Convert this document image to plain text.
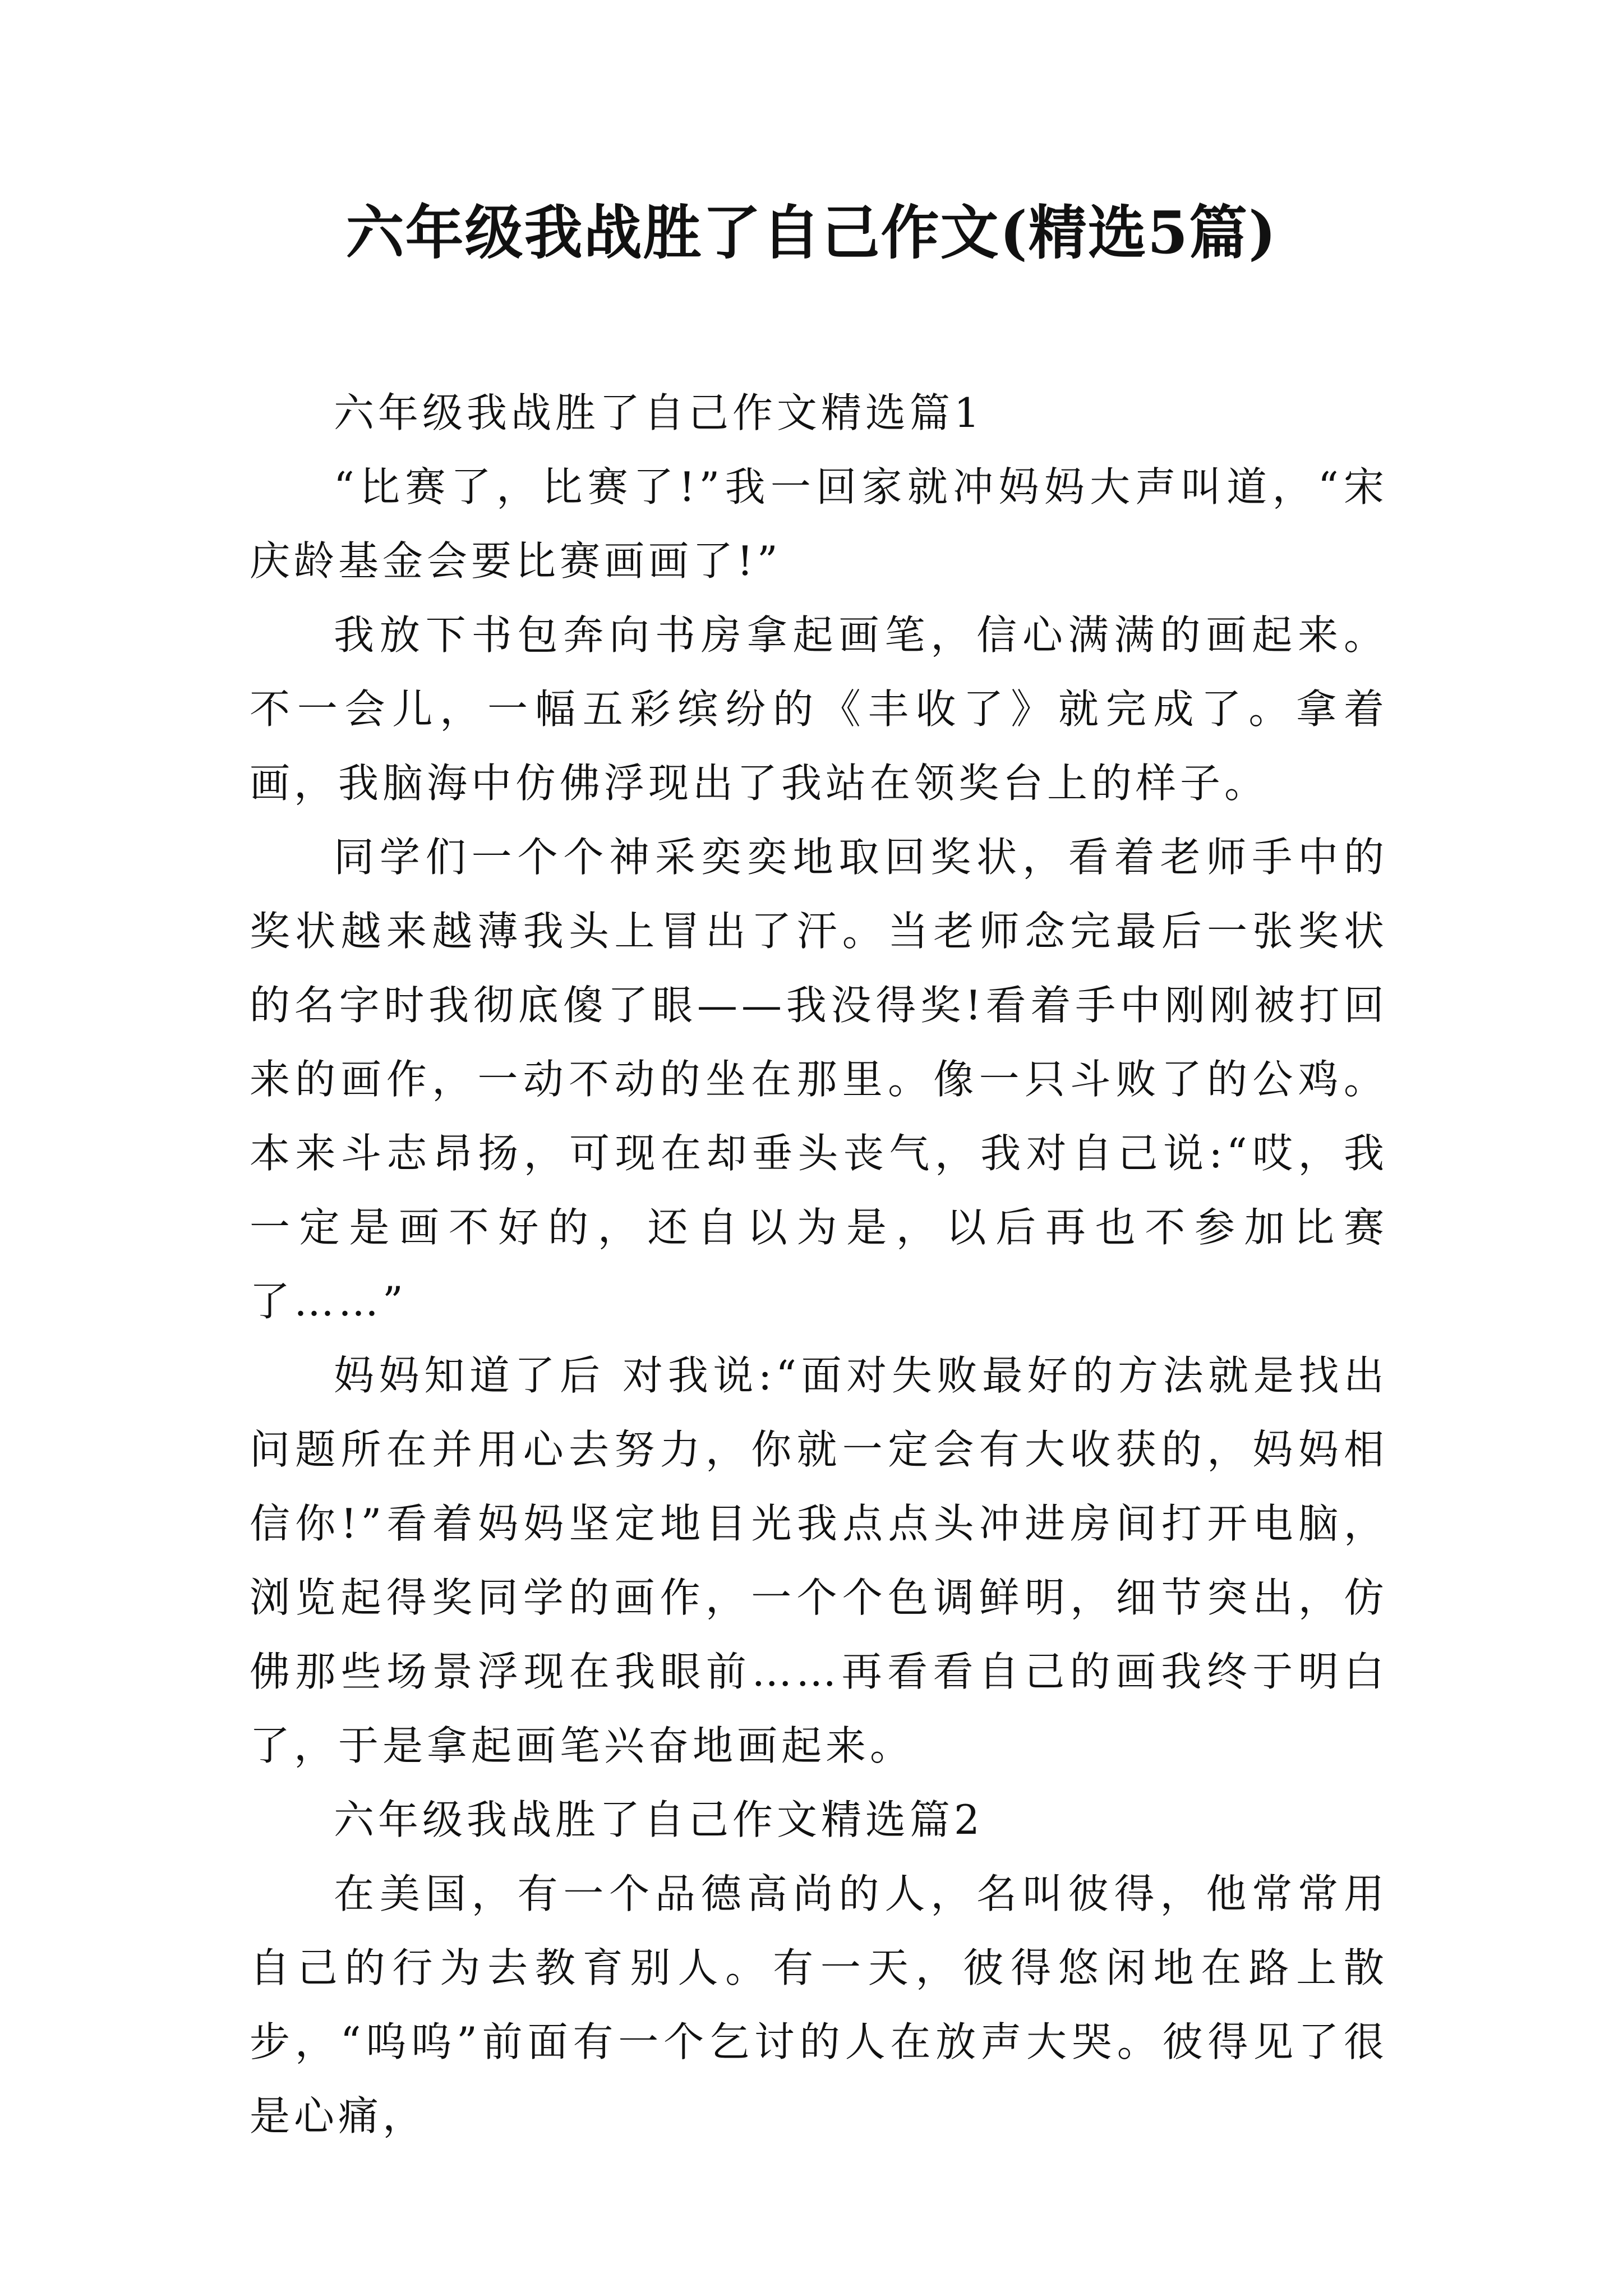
六年级我战胜了自己作文(精选5篇)
六年级我战胜了自己作文精选篇1

“比赛了，比赛了!”我一回家就冲妈妈大声叫道，“宋庆龄基金会要比赛画画了!”

我放下书包奔向书房拿起画笔，信心满满的画起来。不一会儿，一幅五彩缤纷的《丰收了》就完成了。拿着画，我脑海中仿佛浮现出了我站在领奖台上的样子。

同学们一个个神采奕奕地取回奖状，看着老师手中的奖状越来越薄我头上冒出了汗。当老师念完最后一张奖状的名字时我彻底傻了眼——我没得奖!看着手中刚刚被打回来的画作，一动不动的坐在那里。像一只斗败了的公鸡。本来斗志昂扬，可现在却垂头丧气，我对自己说:“哎，我一定是画不好的，还自以为是，以后再也不参加比赛了……”

妈妈知道了后 对我说:“面对失败最好的方法就是找出问题所在并用心去努力，你就一定会有大收获的，妈妈相信你!”看着妈妈坚定地目光我点点头冲进房间打开电脑，浏览起得奖同学的画作，一个个色调鲜明，细节突出，仿佛那些场景浮现在我眼前……再看看自己的画我终于明白了，于是拿起画笔兴奋地画起来。

六年级我战胜了自己作文精选篇2

在美国，有一个品德高尚的人，名叫彼得，他常常用自己的行为去教育别人。有一天，彼得悠闲地在路上散步，“呜呜”前面有一个乞讨的人在放声大哭。彼得见了很是心痛，
